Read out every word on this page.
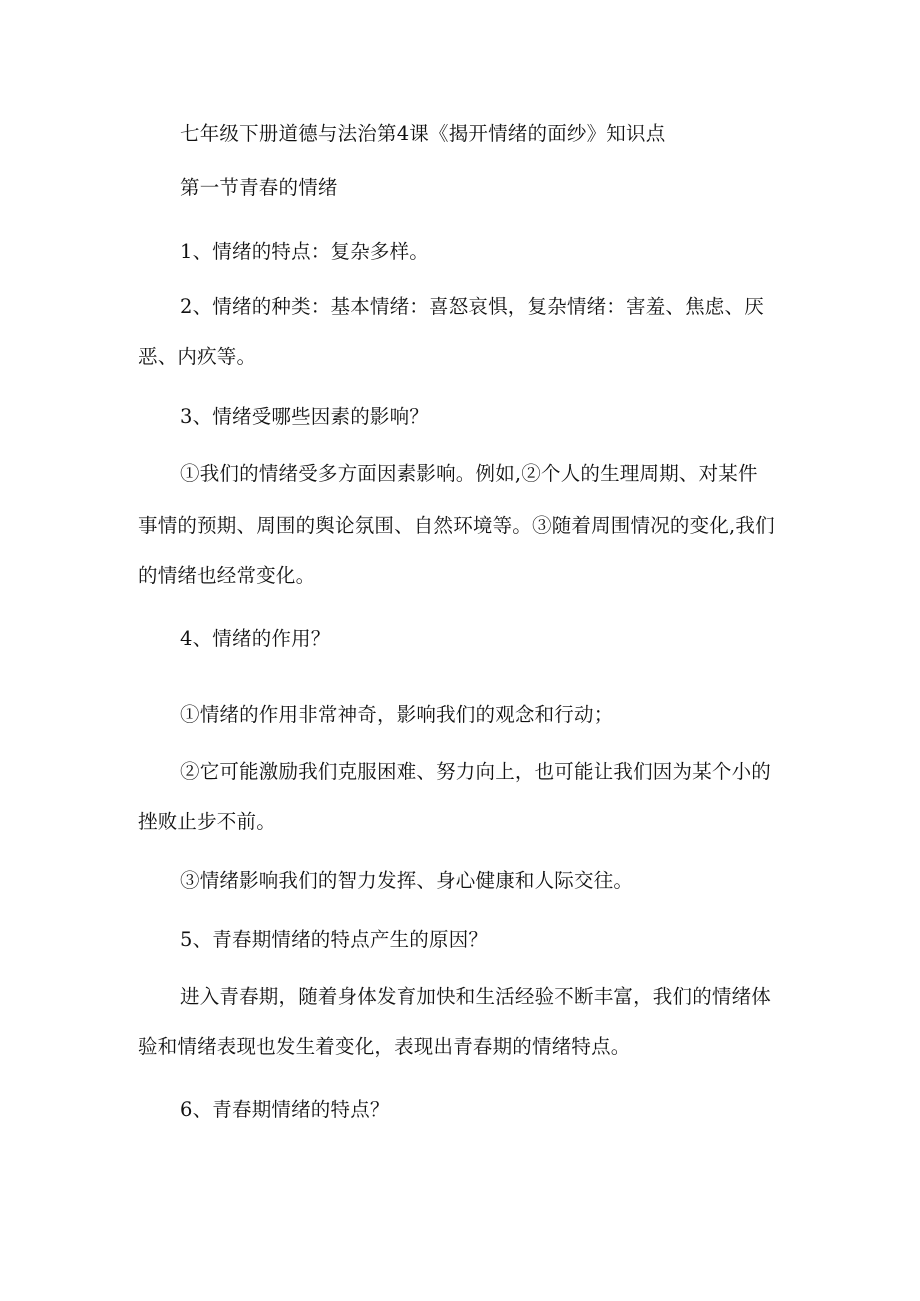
七年级下册道德与法治第4课《揭开情绪的面纱》知识点
第一节青春的情绪
1、情绪的特点：复杂多样。
2、情绪的种类：基本情绪：喜怒哀惧，复杂情绪：害羞、焦虑、厌
恶、内疚等。
3、情绪受哪些因素的影响？
①我们的情绪受多方面因素影响。例如,②个人的生理周期、对某件
事情的预期、周围的舆论氛围、自然环境等。③随着周围情况的变化,我们
的情绪也经常变化。
4、情绪的作用？
①情绪的作用非常神奇，影响我们的观念和行动；
②它可能激励我们克服困难、努力向上，也可能让我们因为某个小的
挫败止步不前。
③情绪影响我们的智力发挥、身心健康和人际交往。
5、青春期情绪的特点产生的原因？
进入青春期，随着身体发育加快和生活经验不断丰富，我们的情绪体
验和情绪表现也发生着变化，表现出青春期的情绪特点。
6、青春期情绪的特点？
